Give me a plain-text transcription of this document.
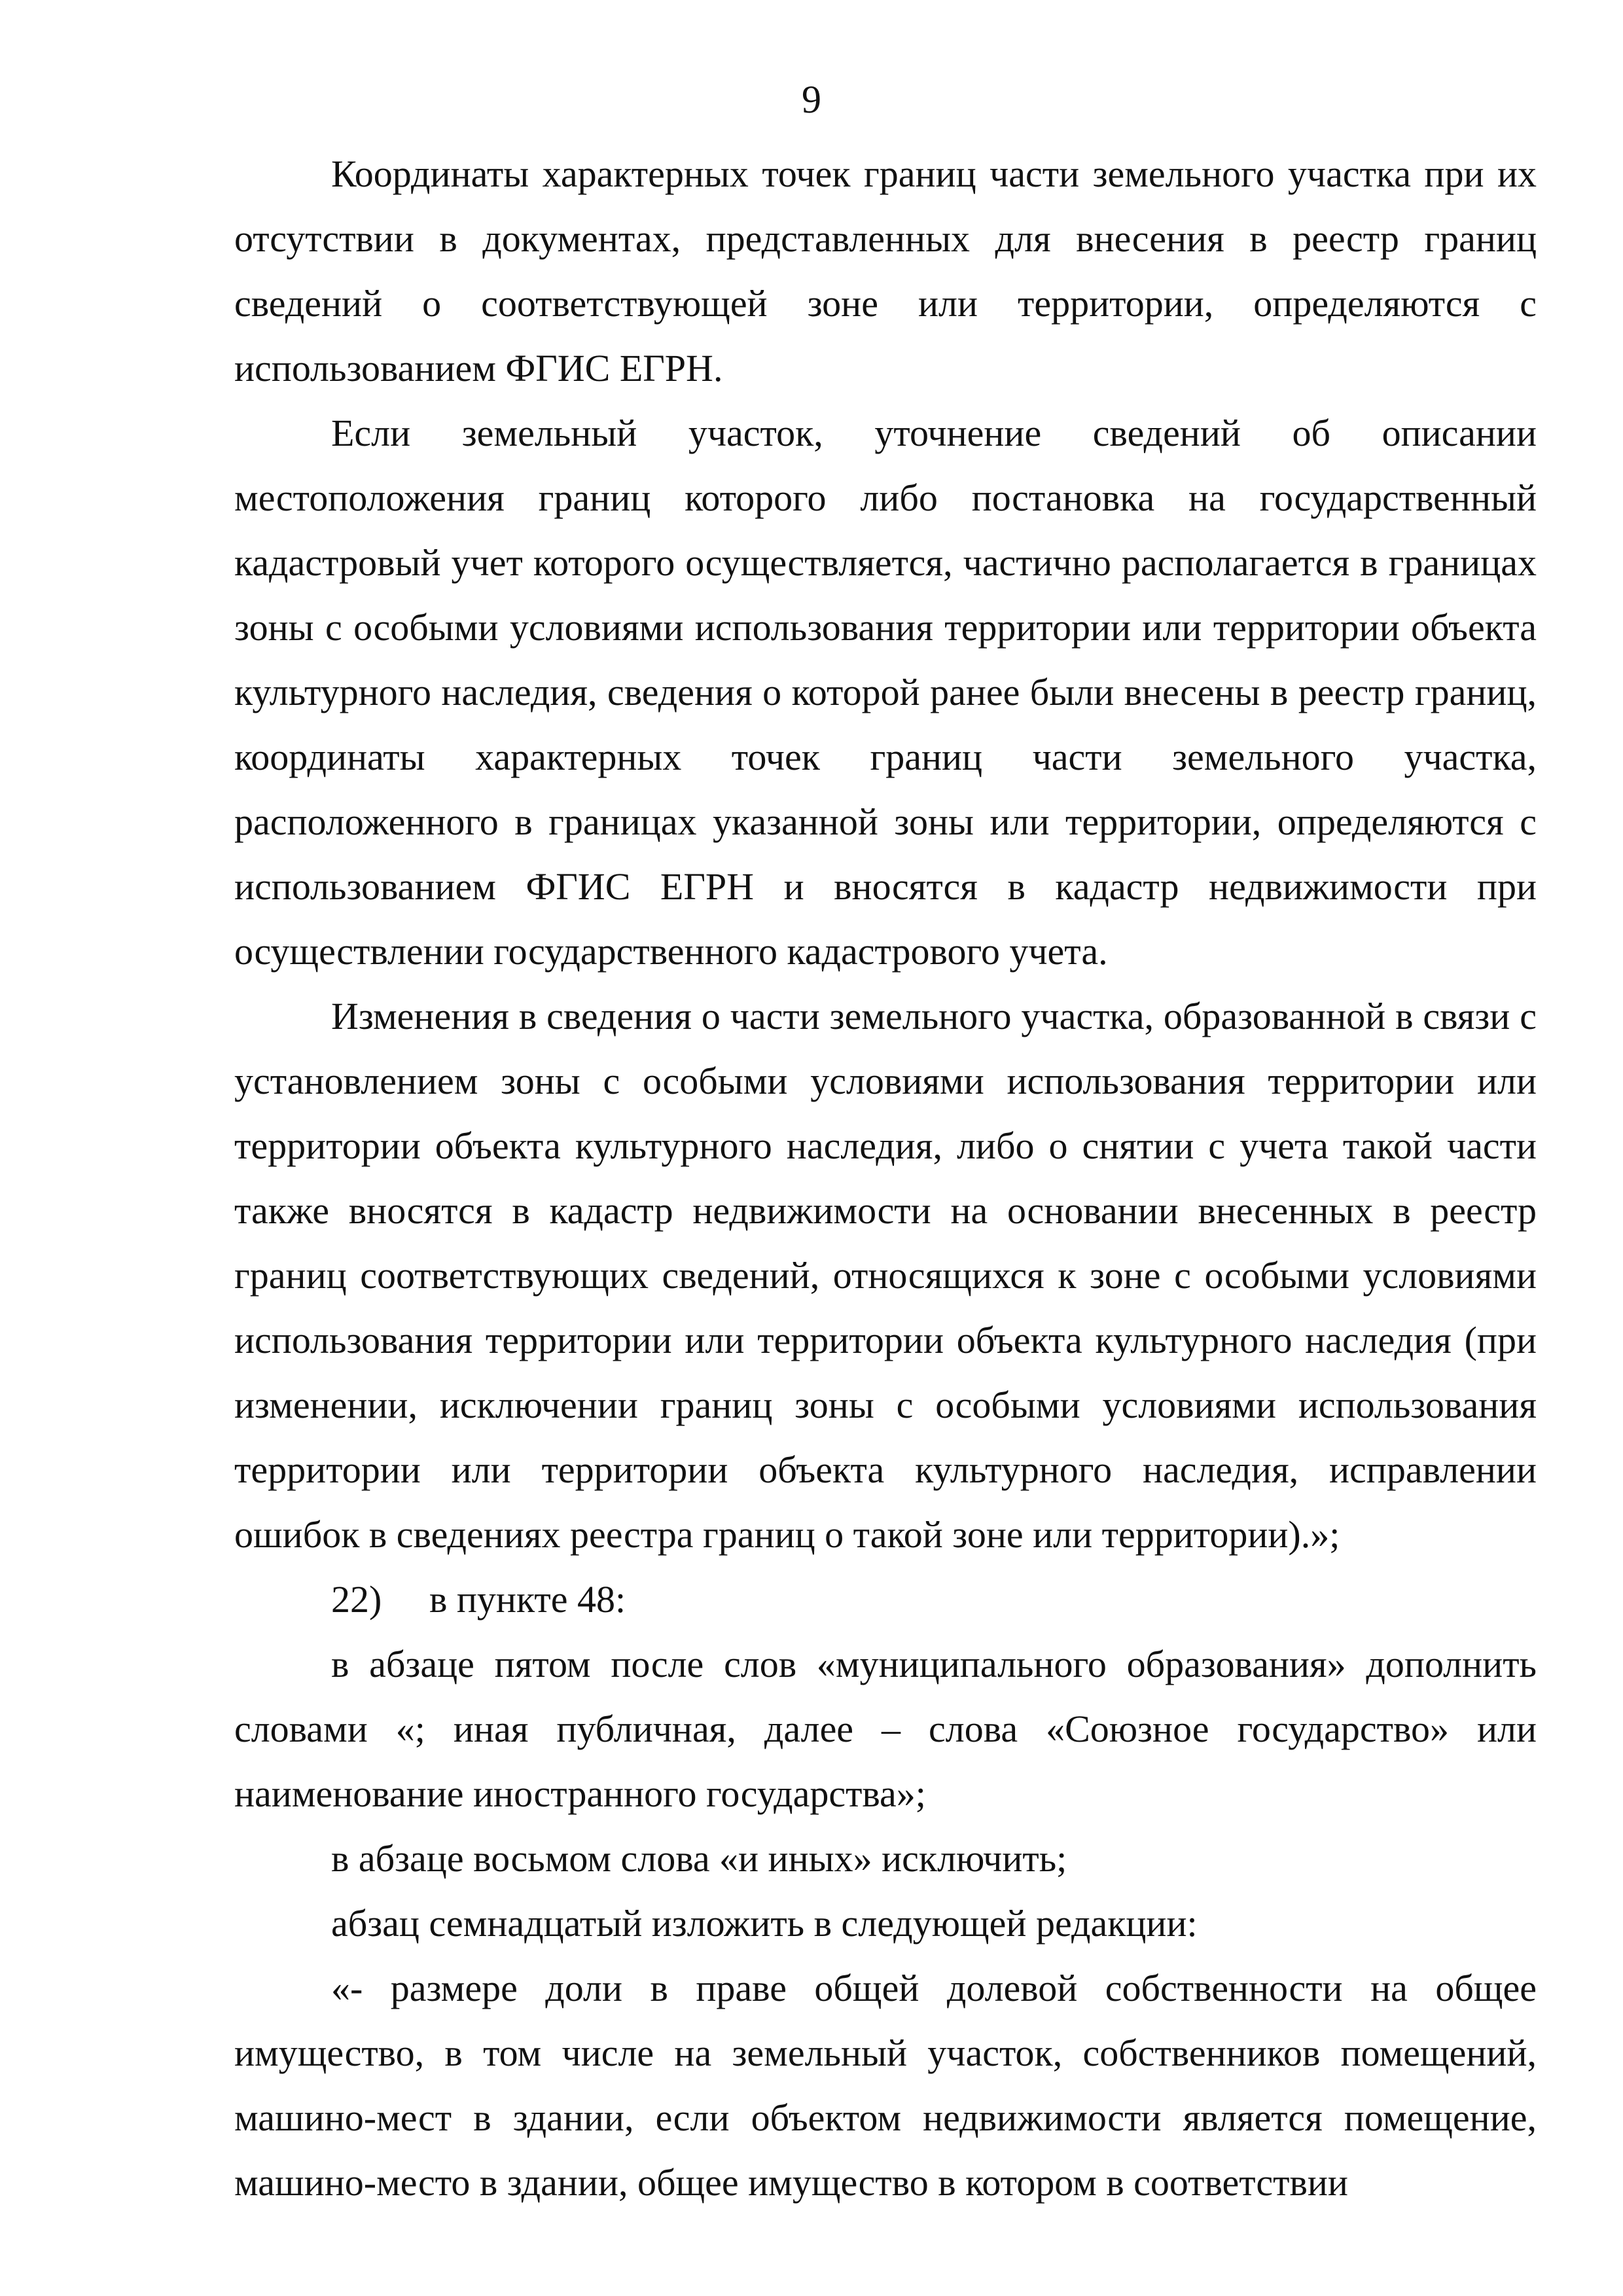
9

Координаты характерных точек границ части земельного участка при их отсутствии в документах, представленных для внесения в реестр границ сведений о соответствующей зоне или территории, определяются с использованием ФГИС ЕГРН.

Если земельный участок, уточнение сведений об описании местоположения границ которого либо постановка на государственный кадастровый учет которого осуществляется, частично располагается в границах зоны с особыми условиями использования территории или территории объекта культурного наследия, сведения о которой ранее были внесены в реестр границ, координаты характерных точек границ части земельного участка, расположенного в границах указанной зоны или территории, определяются с использованием ФГИС ЕГРН и вносятся в кадастр недвижимости при осуществлении государственного кадастрового учета.

Изменения в сведения о части земельного участка, образованной в связи с установлением зоны с особыми условиями использования территории или территории объекта культурного наследия, либо о снятии с учета такой части также вносятся в кадастр недвижимости на основании внесенных в реестр границ соответствующих сведений, относящихся к зоне с особыми условиями использования территории или территории объекта культурного наследия (при изменении, исключении границ зоны с особыми условиями использования территории или территории объекта культурного наследия, исправлении ошибок в сведениях реестра границ о такой зоне или территории).»;

22) в пункте 48:

в абзаце пятом после слов «муниципального образования» дополнить словами «; иная публичная, далее – слова «Союзное государство» или наименование иностранного государства»;

в абзаце восьмом слова «и иных» исключить;

абзац семнадцатый изложить в следующей редакции:

«- размере доли в праве общей долевой собственности на общее имущество, в том числе на земельный участок, собственников помещений, машино-мест в здании, если объектом недвижимости является помещение, машино-место в здании, общее имущество в котором в соответствии
